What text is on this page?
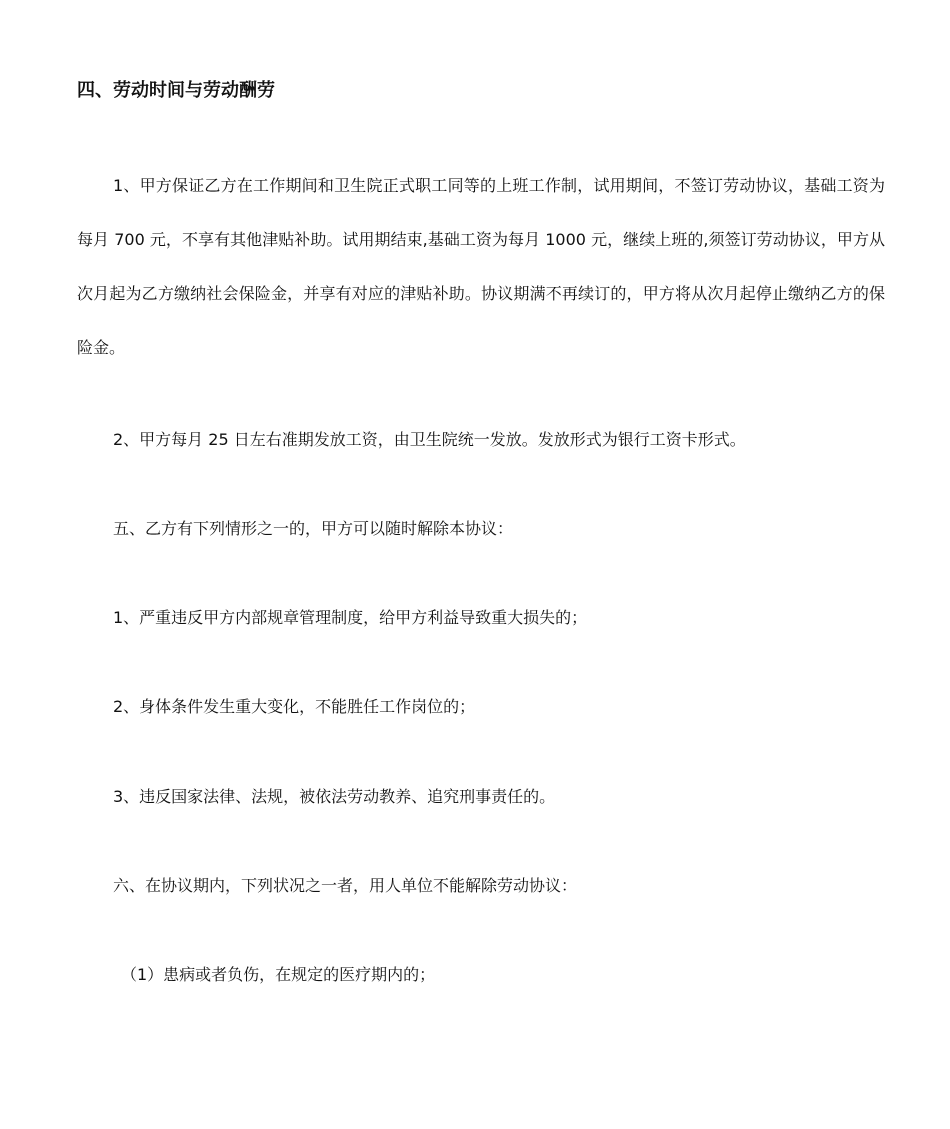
四、劳动时间与劳动酬劳
1、甲方保证乙方在工作期间和卫生院正式职工同等的上班工作制，试用期间，不签订劳动协议，基础工资为每月 700 元，不享有其他津贴补助。试用期结束,基础工资为每月 1000 元，继续上班的,须签订劳动协议，甲方从次月起为乙方缴纳社会保险金，并享有对应的津贴补助。协议期满不再续订的，甲方将从次月起停止缴纳乙方的保险金。
2、甲方每月 25 日左右准期发放工资，由卫生院统一发放。发放形式为银行工资卡形式。
五、乙方有下列情形之一的，甲方可以随时解除本协议：
1、严重违反甲方内部规章管理制度，给甲方利益导致重大损失的；
2、身体条件发生重大变化，不能胜任工作岗位的；
3、违反国家法律、法规，被依法劳动教养、追究刑事责任的。
六、在协议期内，下列状况之一者，用人单位不能解除劳动协议：
（1）患病或者负伤，在规定的医疗期内的；
